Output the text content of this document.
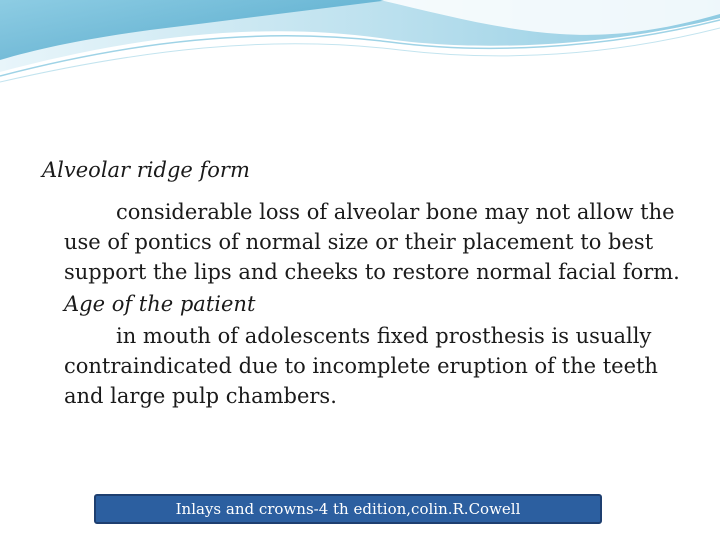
Alveolar ridge form

considerable loss of alveolar bone may not allow the use of pontics of normal size or their placement to best support the lips and cheeks to restore normal facial form.

Age of the patient

in mouth of adolescents fixed prosthesis is usually contraindicated due to incomplete eruption of the teeth and large pulp chambers.

Inlays and crowns-4 th edition,colin.R.Cowell
